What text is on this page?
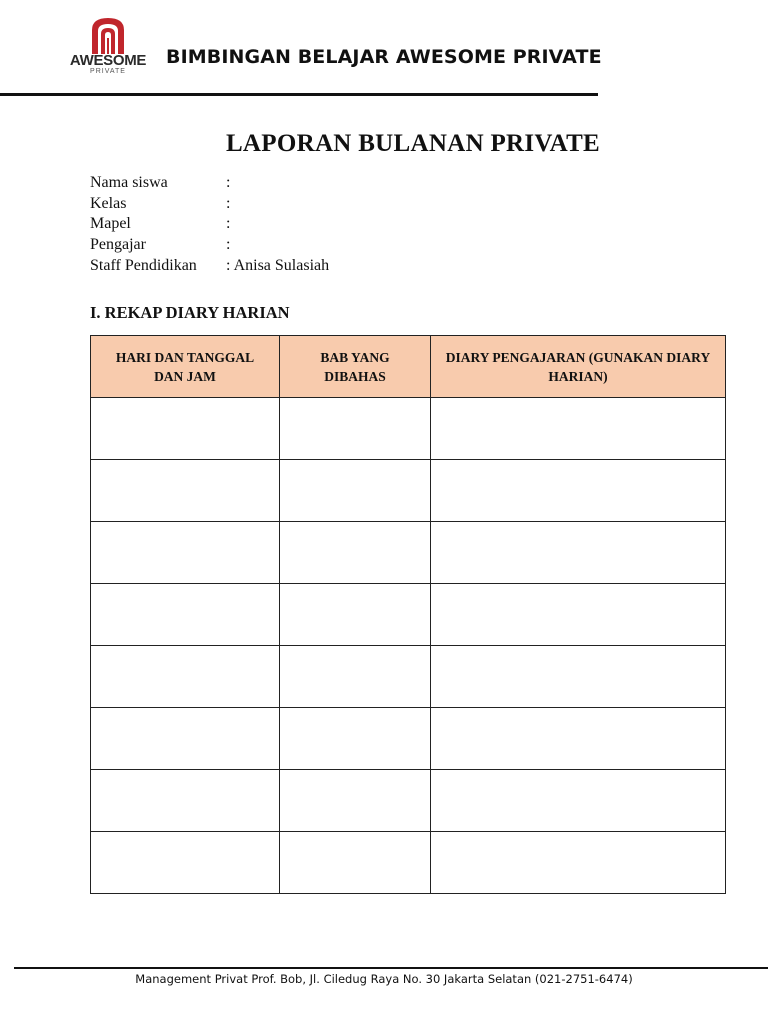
AWESOME
PRIVATE
BIMBINGAN BELAJAR AWESOME PRIVATE
LAPORAN BULANAN PRIVATE
Nama siswa	:
Kelas	:
Mapel	:
Pengajar	:
Staff Pendidikan	: Anisa Sulasiah
I. REKAP DIARY HARIAN
HARI DAN TANGGAL DAN JAM	BAB YANG DIBAHAS	DIARY PENGAJARAN (GUNAKAN DIARY HARIAN)

Management Privat Prof. Bob, Jl. Ciledug Raya No. 30 Jakarta Selatan (021-2751-6474)
